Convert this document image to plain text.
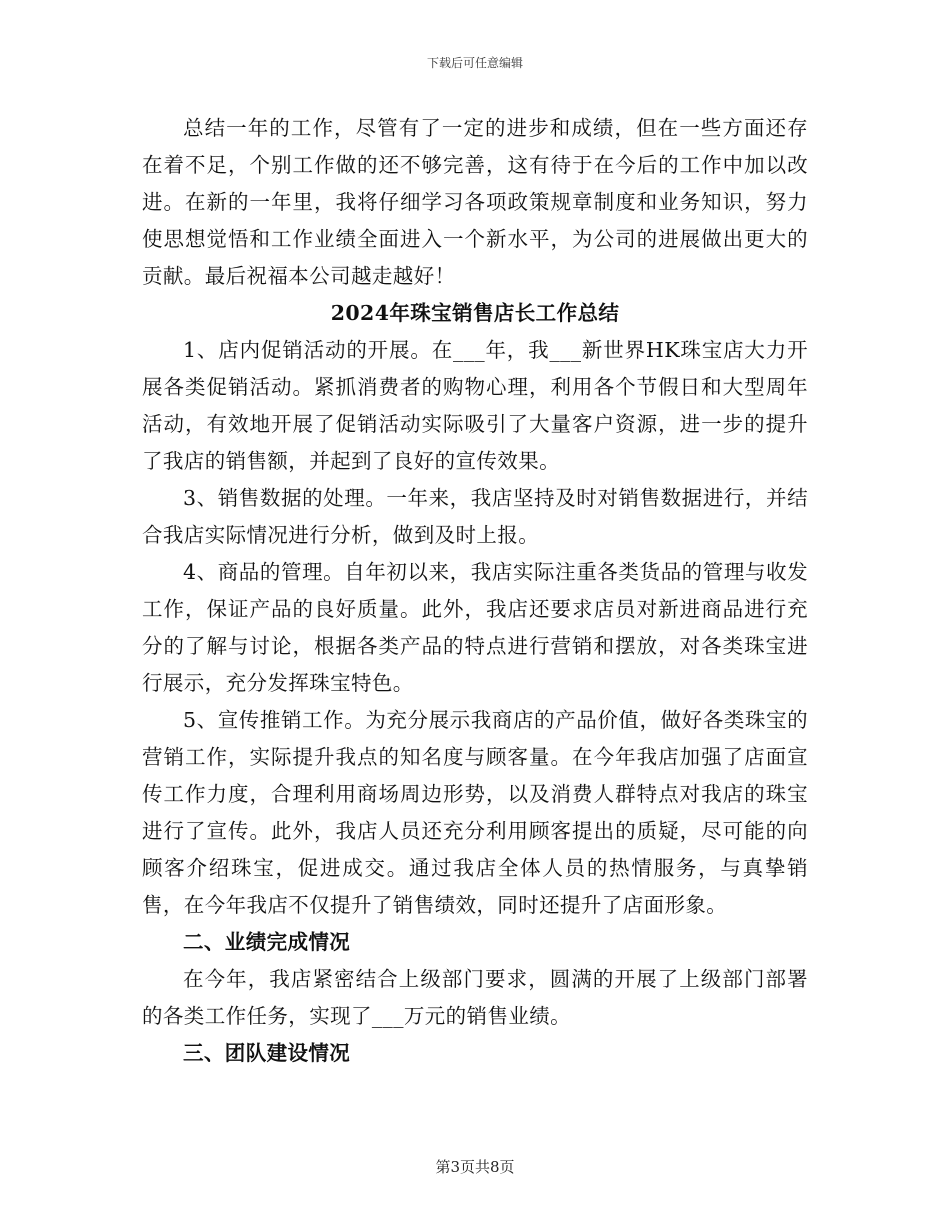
下载后可任意编辑

总结一年的工作，尽管有了一定的进步和成绩，但在一些方面还存在着不足，个别工作做的还不够完善，这有待于在今后的工作中加以改进。在新的一年里，我将仔细学习各项政策规章制度和业务知识，努力使思想觉悟和工作业绩全面进入一个新水平，为公司的进展做出更大的贡献。最后祝福本公司越走越好！

2024年珠宝销售店长工作总结

1、店内促销活动的开展。在___年，我___新世界HK珠宝店大力开展各类促销活动。紧抓消费者的购物心理，利用各个节假日和大型周年活动，有效地开展了促销活动实际吸引了大量客户资源，进一步的提升了我店的销售额，并起到了良好的宣传效果。

3、销售数据的处理。一年来，我店坚持及时对销售数据进行，并结合我店实际情况进行分析，做到及时上报。

4、商品的管理。自年初以来，我店实际注重各类货品的管理与收发工作，保证产品的良好质量。此外，我店还要求店员对新进商品进行充分的了解与讨论，根据各类产品的特点进行营销和摆放，对各类珠宝进行展示，充分发挥珠宝特色。

5、宣传推销工作。为充分展示我商店的产品价值，做好各类珠宝的营销工作，实际提升我点的知名度与顾客量。在今年我店加强了店面宣传工作力度，合理利用商场周边形势，以及消费人群特点对我店的珠宝进行了宣传。此外，我店人员还充分利用顾客提出的质疑，尽可能的向顾客介绍珠宝，促进成交。通过我店全体人员的热情服务，与真挚销售，在今年我店不仅提升了销售绩效，同时还提升了店面形象。

二、业绩完成情况

在今年，我店紧密结合上级部门要求，圆满的开展了上级部门部署的各类工作任务，实现了___万元的销售业绩。

三、团队建设情况

第3页共8页
